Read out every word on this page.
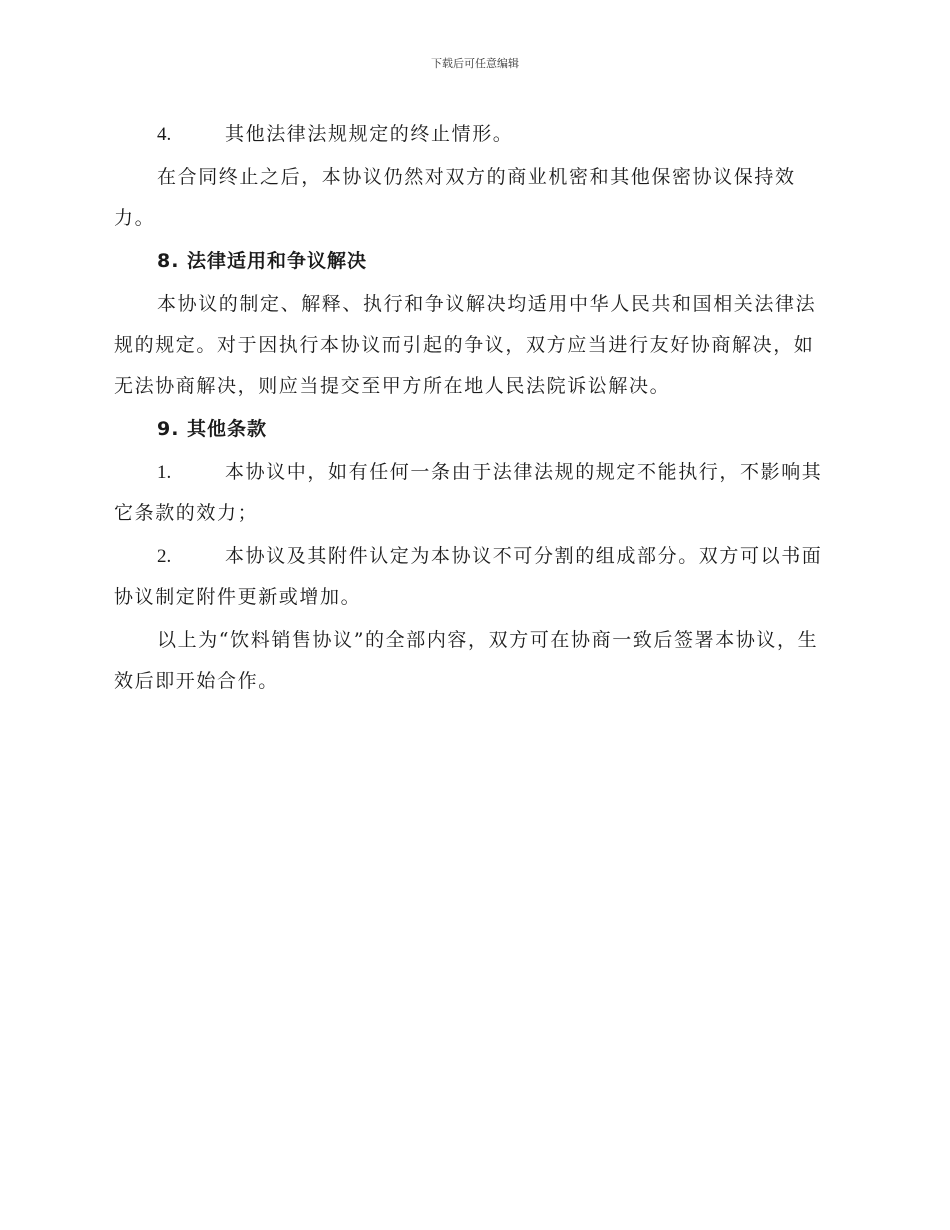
下载后可任意编辑
4.	其他法律法规规定的终止情形。
在合同终止之后，本协议仍然对双方的商业机密和其他保密协议保持效力。
8. 法律适用和争议解决
本协议的制定、解释、执行和争议解决均适用中华人民共和国相关法律法规的规定。对于因执行本协议而引起的争议，双方应当进行友好协商解决，如无法协商解决，则应当提交至甲方所在地人民法院诉讼解决。
9. 其他条款
1.	本协议中，如有任何一条由于法律法规的规定不能执行，不影响其它条款的效力；
2.	本协议及其附件认定为本协议不可分割的组成部分。双方可以书面协议制定附件更新或增加。
以上为“饮料销售协议”的全部内容，双方可在协商一致后签署本协议，生效后即开始合作。
